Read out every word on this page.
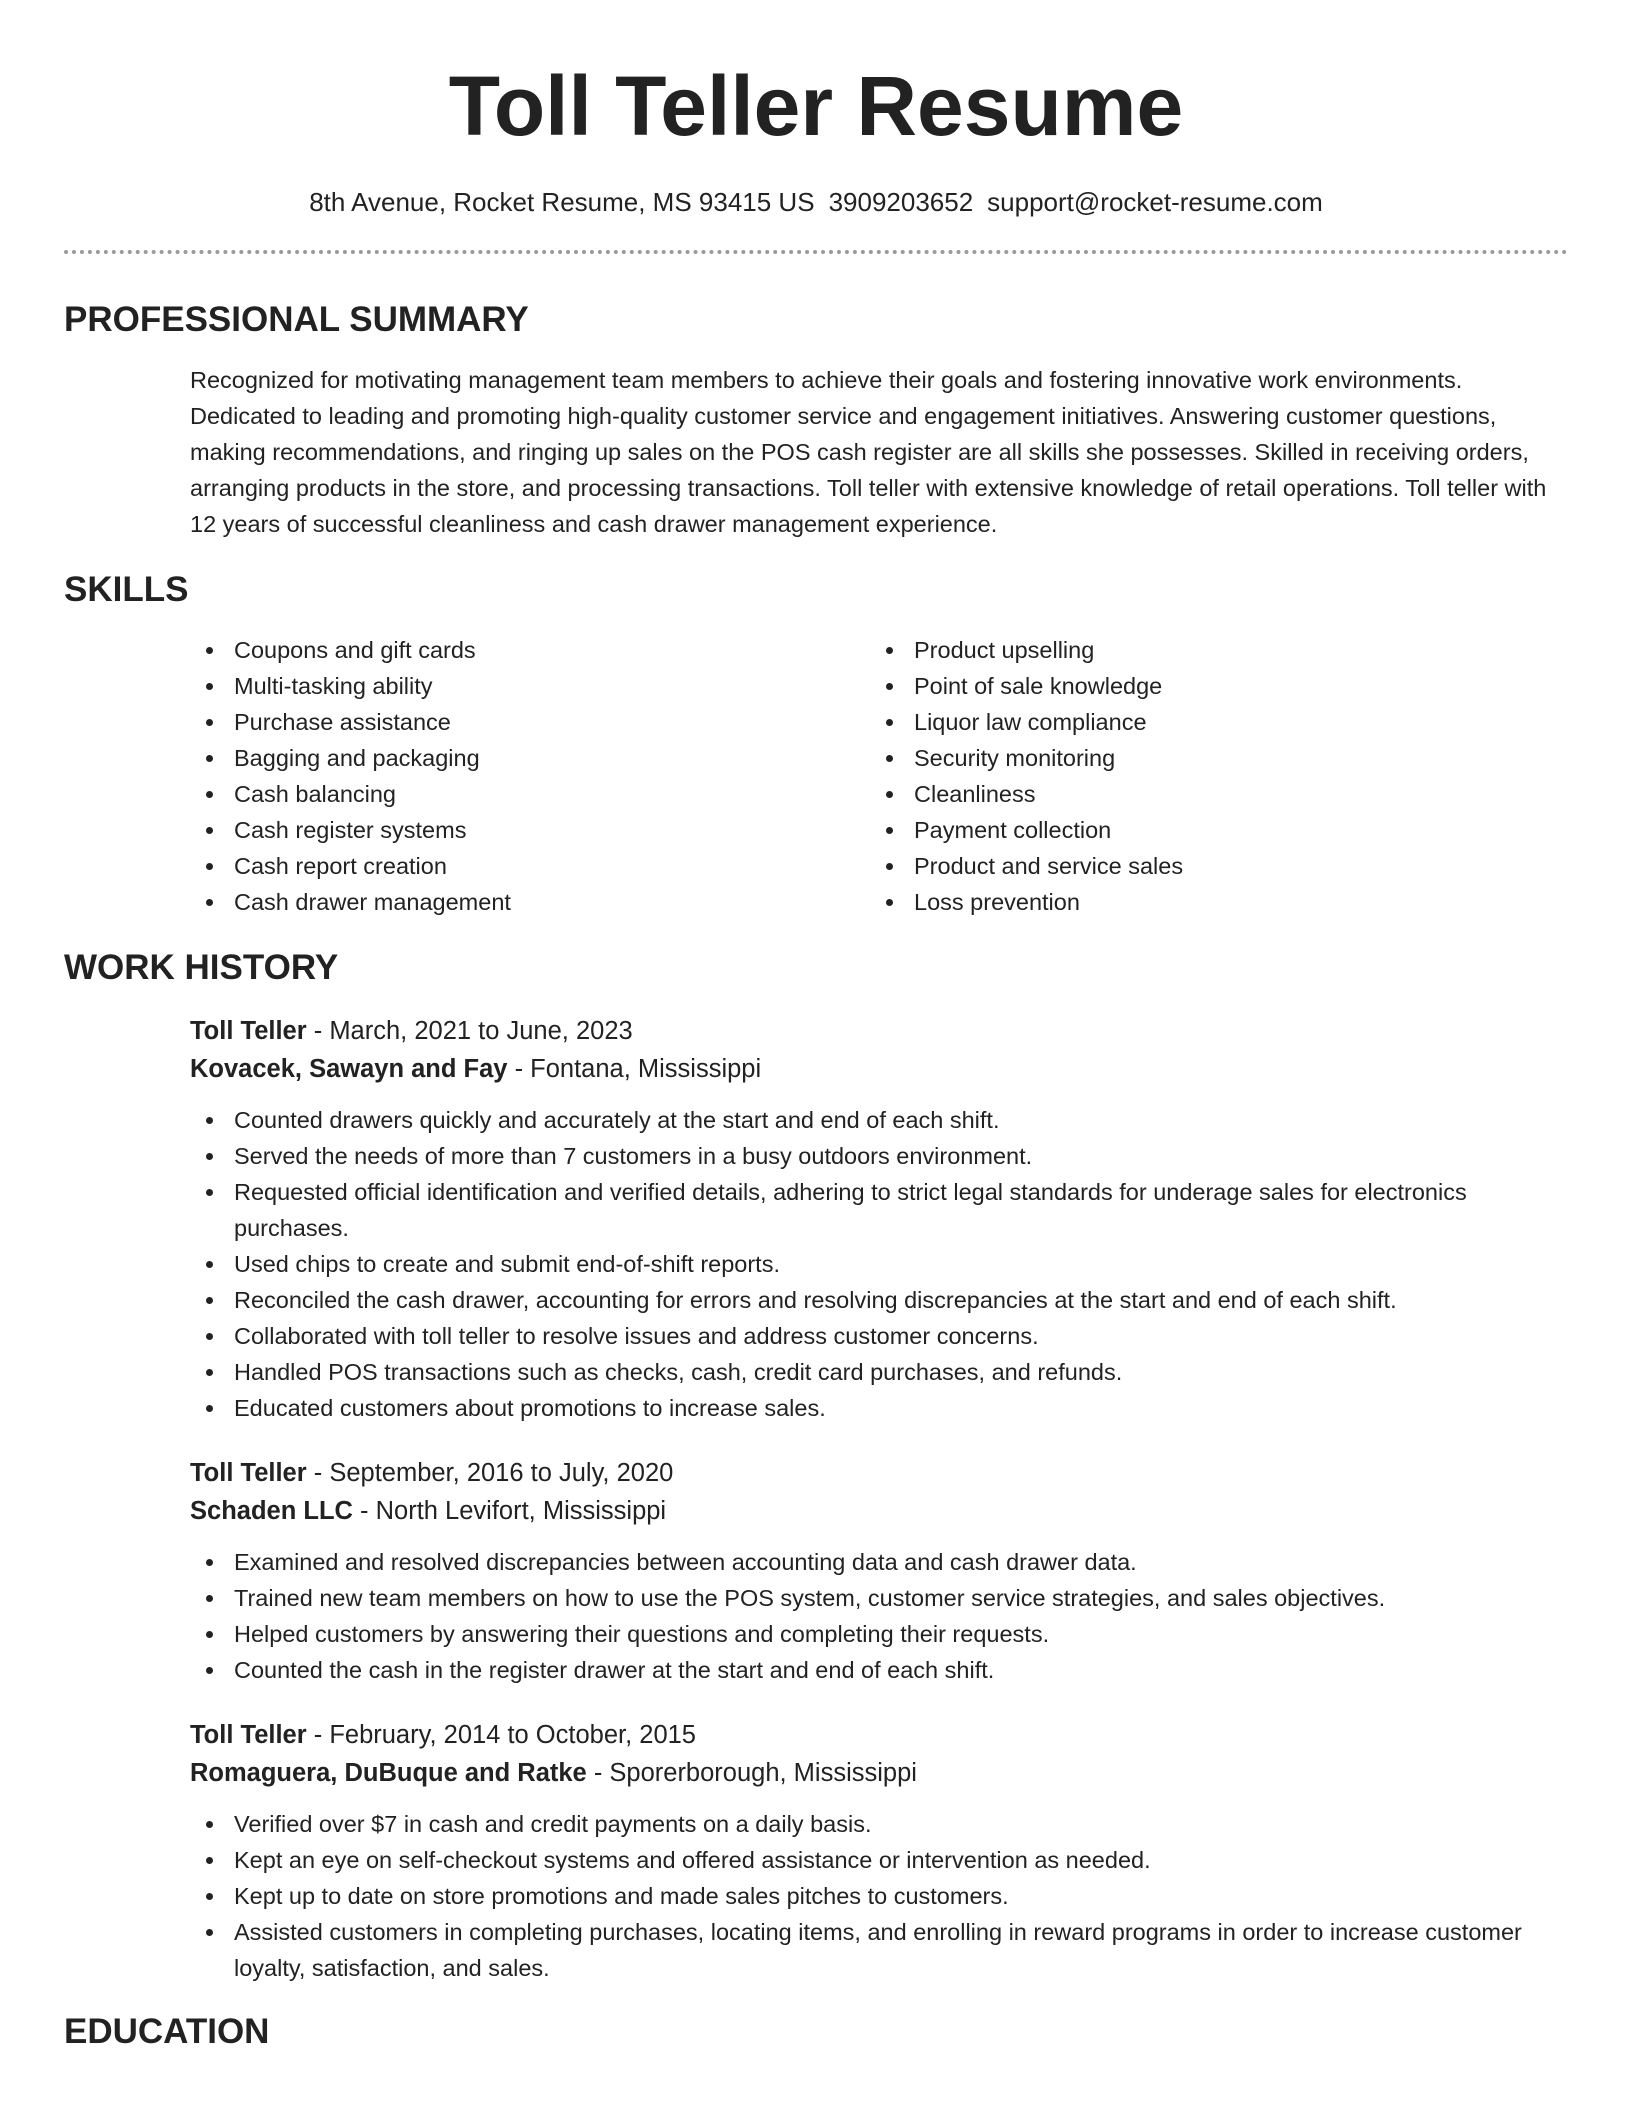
Toll Teller Resume
8th Avenue, Rocket Resume, MS 93415 US 3909203652 support@rocket-resume.com
PROFESSIONAL SUMMARY
Recognized for motivating management team members to achieve their goals and fostering innovative work environments. Dedicated to leading and promoting high-quality customer service and engagement initiatives. Answering customer questions, making recommendations, and ringing up sales on the POS cash register are all skills she possesses. Skilled in receiving orders, arranging products in the store, and processing transactions. Toll teller with extensive knowledge of retail operations. Toll teller with 12 years of successful cleanliness and cash drawer management experience.
SKILLS
Coupons and gift cards
Multi-tasking ability
Purchase assistance
Bagging and packaging
Cash balancing
Cash register systems
Cash report creation
Cash drawer management
Product upselling
Point of sale knowledge
Liquor law compliance
Security monitoring
Cleanliness
Payment collection
Product and service sales
Loss prevention
WORK HISTORY
Toll Teller - March, 2021 to June, 2023
Kovacek, Sawayn and Fay - Fontana, Mississippi
Counted drawers quickly and accurately at the start and end of each shift.
Served the needs of more than 7 customers in a busy outdoors environment.
Requested official identification and verified details, adhering to strict legal standards for underage sales for electronics purchases.
Used chips to create and submit end-of-shift reports.
Reconciled the cash drawer, accounting for errors and resolving discrepancies at the start and end of each shift.
Collaborated with toll teller to resolve issues and address customer concerns.
Handled POS transactions such as checks, cash, credit card purchases, and refunds.
Educated customers about promotions to increase sales.
Toll Teller - September, 2016 to July, 2020
Schaden LLC - North Levifort, Mississippi
Examined and resolved discrepancies between accounting data and cash drawer data.
Trained new team members on how to use the POS system, customer service strategies, and sales objectives.
Helped customers by answering their questions and completing their requests.
Counted the cash in the register drawer at the start and end of each shift.
Toll Teller - February, 2014 to October, 2015
Romaguera, DuBuque and Ratke - Sporerborough, Mississippi
Verified over $7 in cash and credit payments on a daily basis.
Kept an eye on self-checkout systems and offered assistance or intervention as needed.
Kept up to date on store promotions and made sales pitches to customers.
Assisted customers in completing purchases, locating items, and enrolling in reward programs in order to increase customer loyalty, satisfaction, and sales.
EDUCATION
